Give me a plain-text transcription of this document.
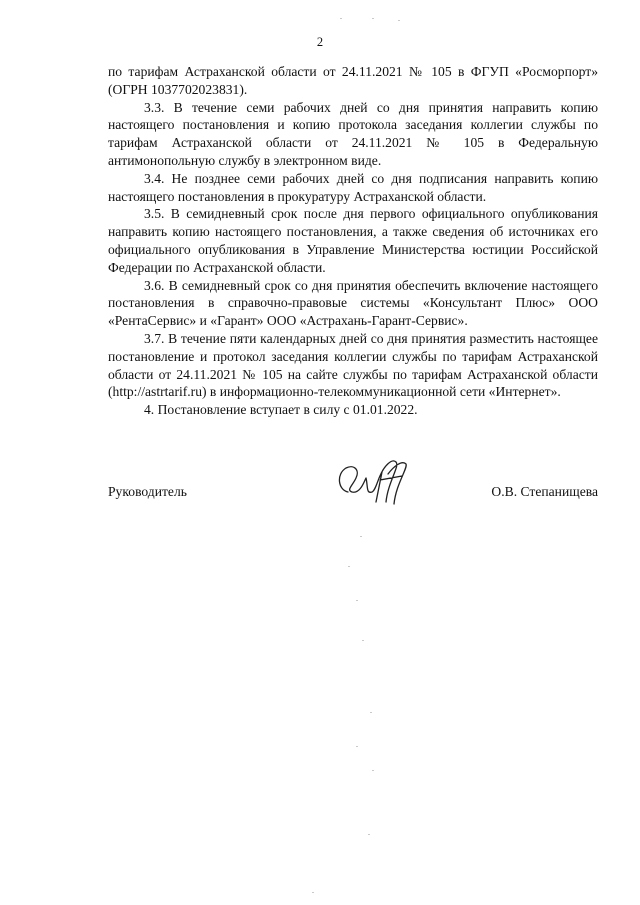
2

по тарифам Астраханской области от 24.11.2021 № 105 в ФГУП «Росморпорт» (ОГРН 1037702023831).

3.3. В течение семи рабочих дней со дня принятия направить копию настоящего постановления и копию протокола заседания коллегии службы по тарифам Астраханской области от 24.11.2021 № 105 в Федеральную антимонопольную службу в электронном виде.

3.4. Не позднее семи рабочих дней со дня подписания направить копию настоящего постановления в прокуратуру Астраханской области.

3.5. В семидневный срок после дня первого официального опубликования направить копию настоящего постановления, а также сведения об источниках его официального опубликования в Управление Министерства юстиции Российской Федерации по Астраханской области.

3.6. В семидневный срок со дня принятия обеспечить включение настоящего постановления в справочно-правовые системы «Консультант Плюс» ООО «РентаСервис» и «Гарант» ООО «Астрахань-Гарант-Сервис».

3.7. В течение пяти календарных дней со дня принятия разместить настоящее постановление и протокол заседания коллегии службы по тарифам Астраханской области от 24.11.2021 № 105 на сайте службы по тарифам Астраханской области (http://astrtarif.ru) в информационно-телекоммуникационной сети «Интернет».

4. Постановление вступает в силу с 01.01.2022.

Руководитель	О.В. Степанищева
